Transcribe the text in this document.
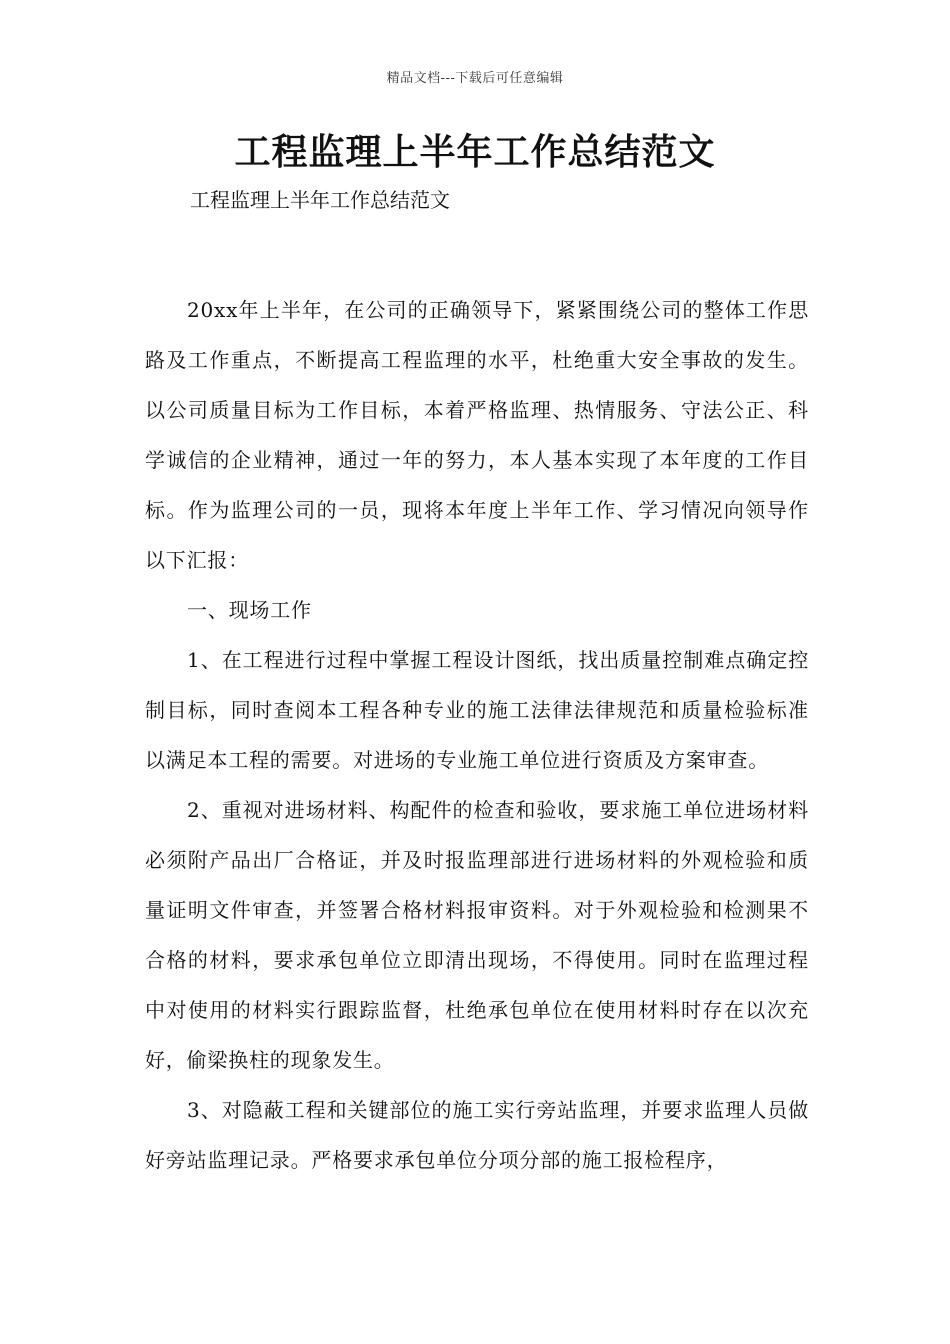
精品文档---下载后可任意编辑
工程监理上半年工作总结范文
工程监理上半年工作总结范文

20xx年上半年，在公司的正确领导下，紧紧围绕公司的整体工作思路及工作重点，不断提高工程监理的水平，杜绝重大安全事故的发生。以公司质量目标为工作目标，本着严格监理、热情服务、守法公正、科学诚信的企业精神，通过一年的努力，本人基本实现了本年度的工作目标。作为监理公司的一员，现将本年度上半年工作、学习情况向领导作以下汇报：

一、现场工作

1、在工程进行过程中掌握工程设计图纸，找出质量控制难点确定控制目标，同时查阅本工程各种专业的施工法律法律规范和质量检验标准以满足本工程的需要。对进场的专业施工单位进行资质及方案审查。

2、重视对进场材料、构配件的检查和验收，要求施工单位进场材料必须附产品出厂合格证，并及时报监理部进行进场材料的外观检验和质量证明文件审查，并签署合格材料报审资料。对于外观检验和检测果不合格的材料，要求承包单位立即清出现场，不得使用。同时在监理过程中对使用的材料实行跟踪监督，杜绝承包单位在使用材料时存在以次充好，偷梁换柱的现象发生。

3、对隐蔽工程和关键部位的施工实行旁站监理，并要求监理人员做好旁站监理记录。严格要求承包单位分项分部的施工报检程序，
